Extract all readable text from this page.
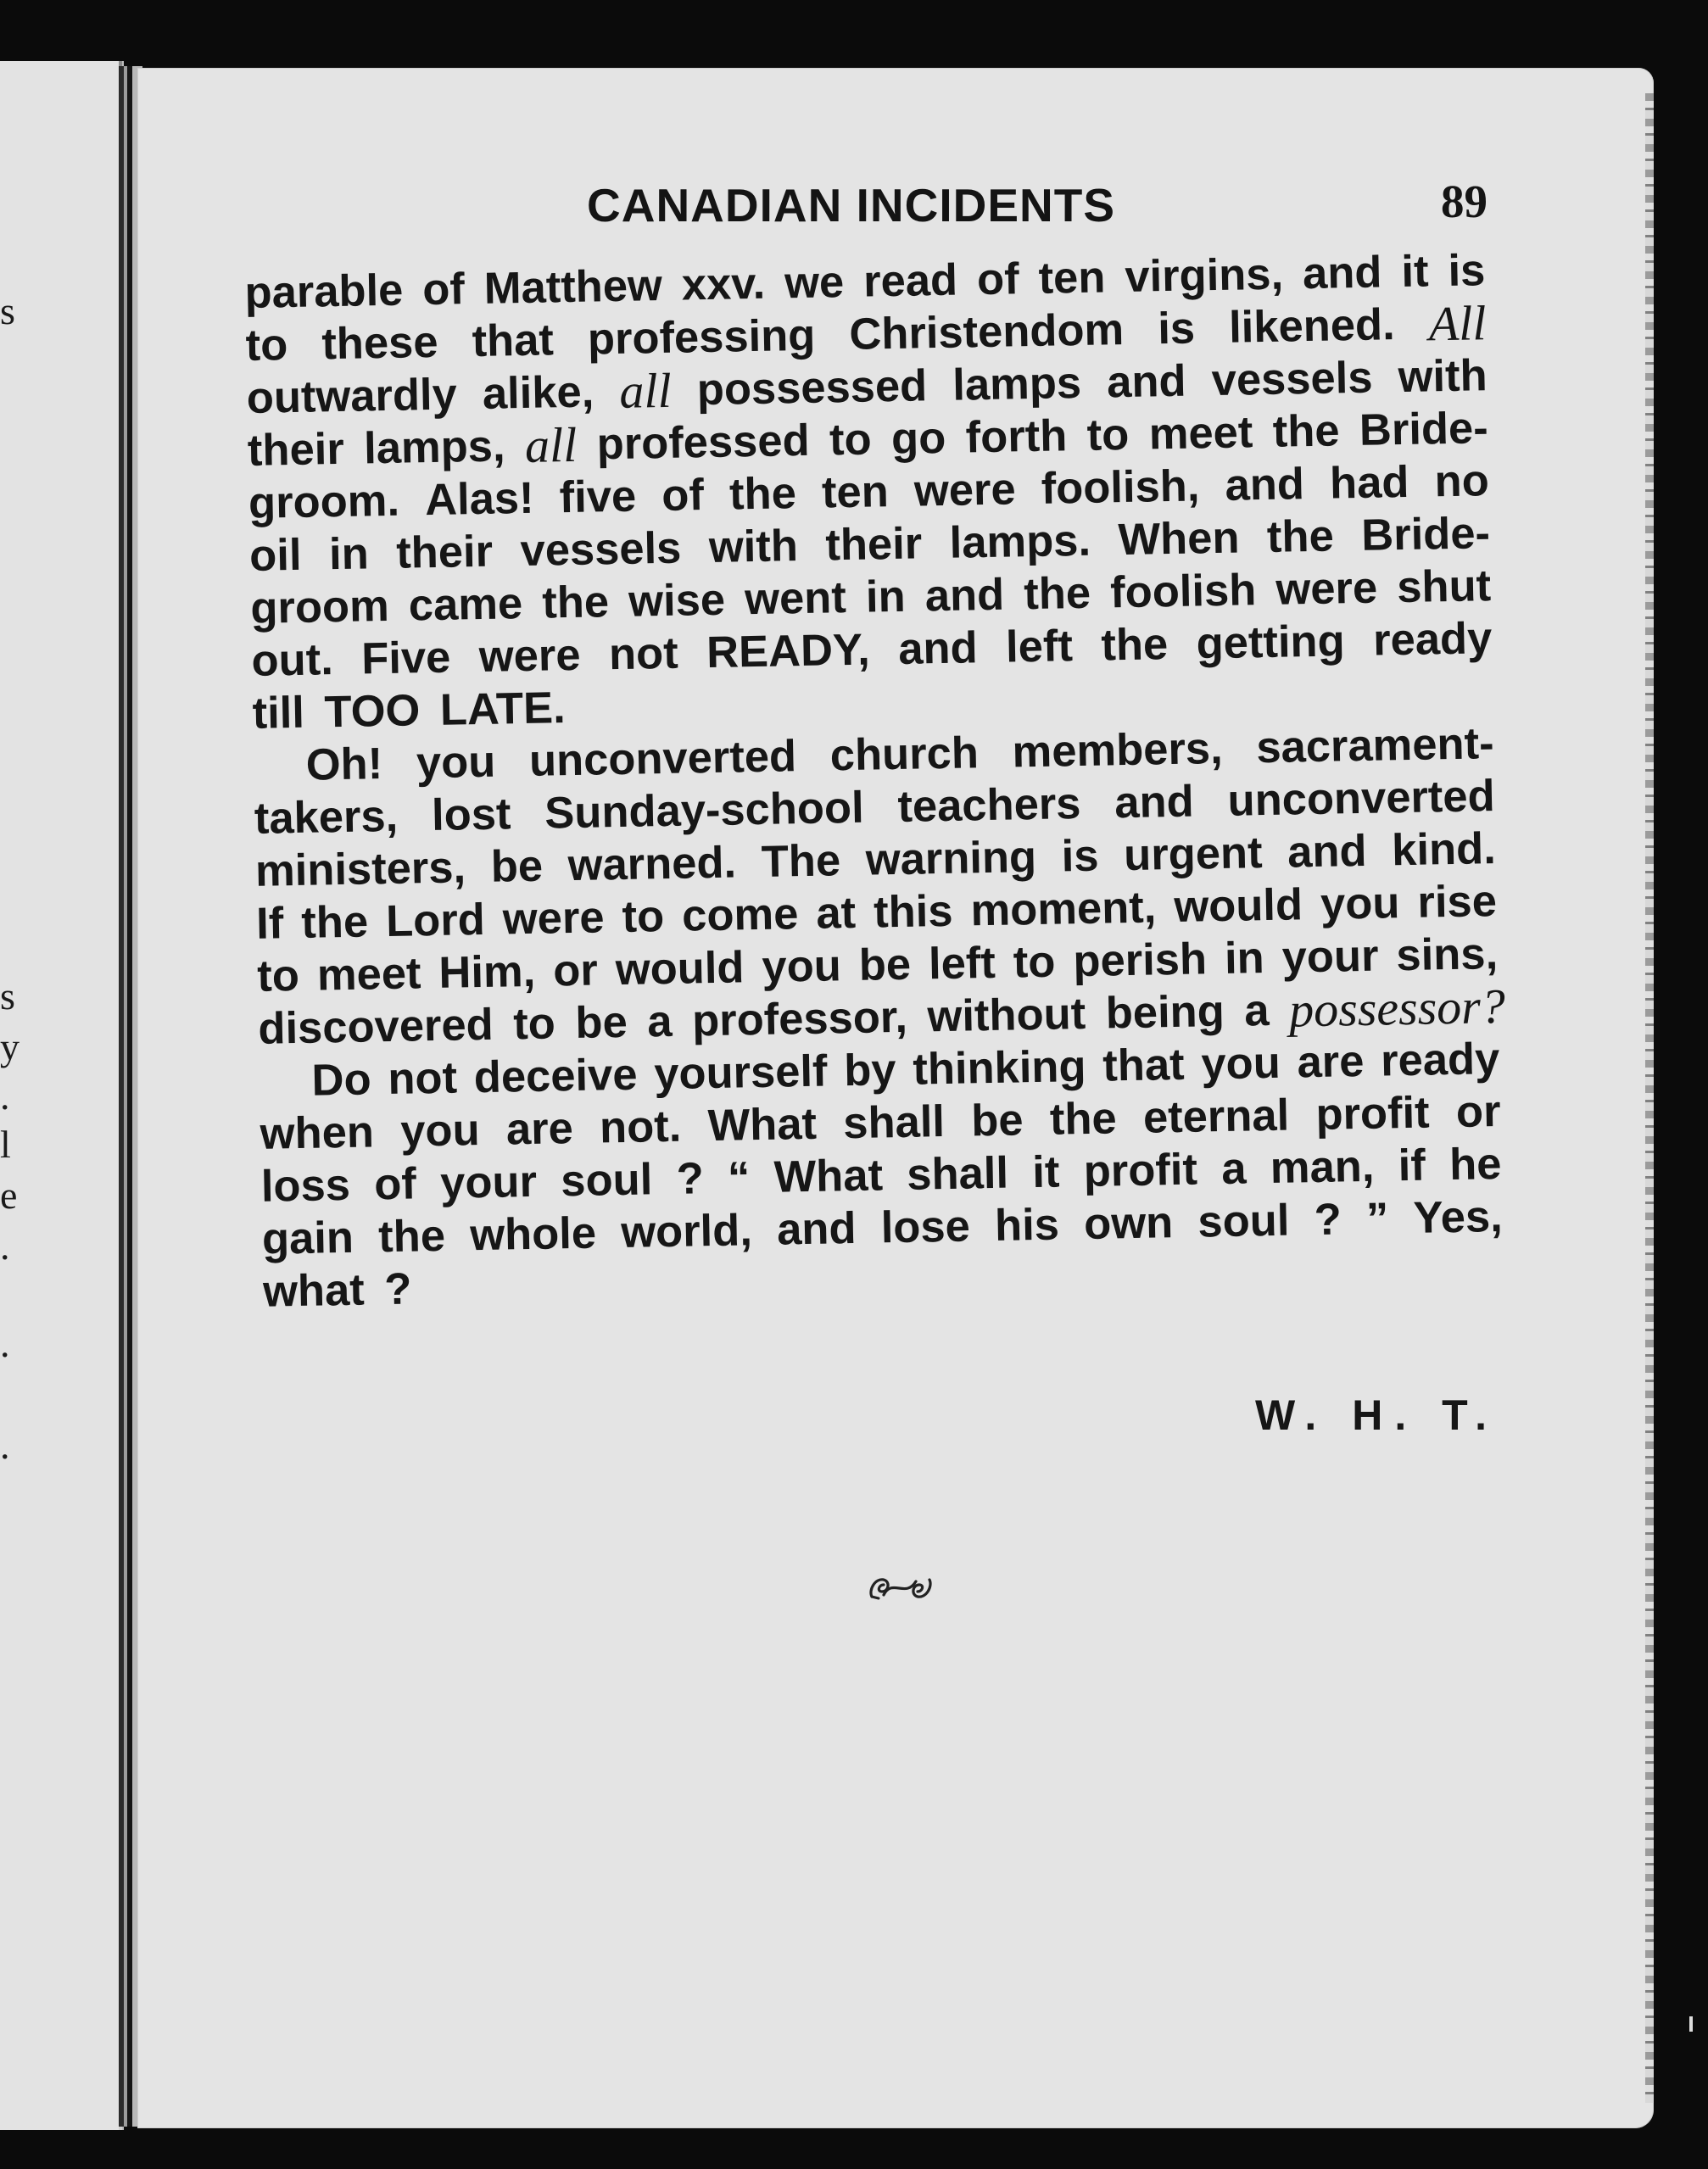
s
s
y
.
l
e
.
.
.
CANADIAN INCIDENTS	89
parable of Matthew xxv. we read of ten virgins, and it is
to these that professing Christendom is likened. All
outwardly alike, all possessed lamps and vessels with
their lamps, all professed to go forth to meet the Bride-
groom. Alas! five of the ten were foolish, and had no
oil in their vessels with their lamps. When the Bride-
groom came the wise went in and the foolish were shut
out. Five were not READY, and left the getting ready
till TOO LATE.
Oh! you unconverted church members, sacrament-
takers, lost Sunday-school teachers and unconverted
ministers, be warned. The warning is urgent and kind.
If the Lord were to come at this moment, would you rise
to meet Him, or would you be left to perish in your sins,
discovered to be a professor, without being a possessor?
Do not deceive yourself by thinking that you are ready
when you are not. What shall be the eternal profit or
loss of your soul ? “ What shall it profit a man, if he
gain the whole world, and lose his own soul ? ” Yes,
what ?
W. H. T.
